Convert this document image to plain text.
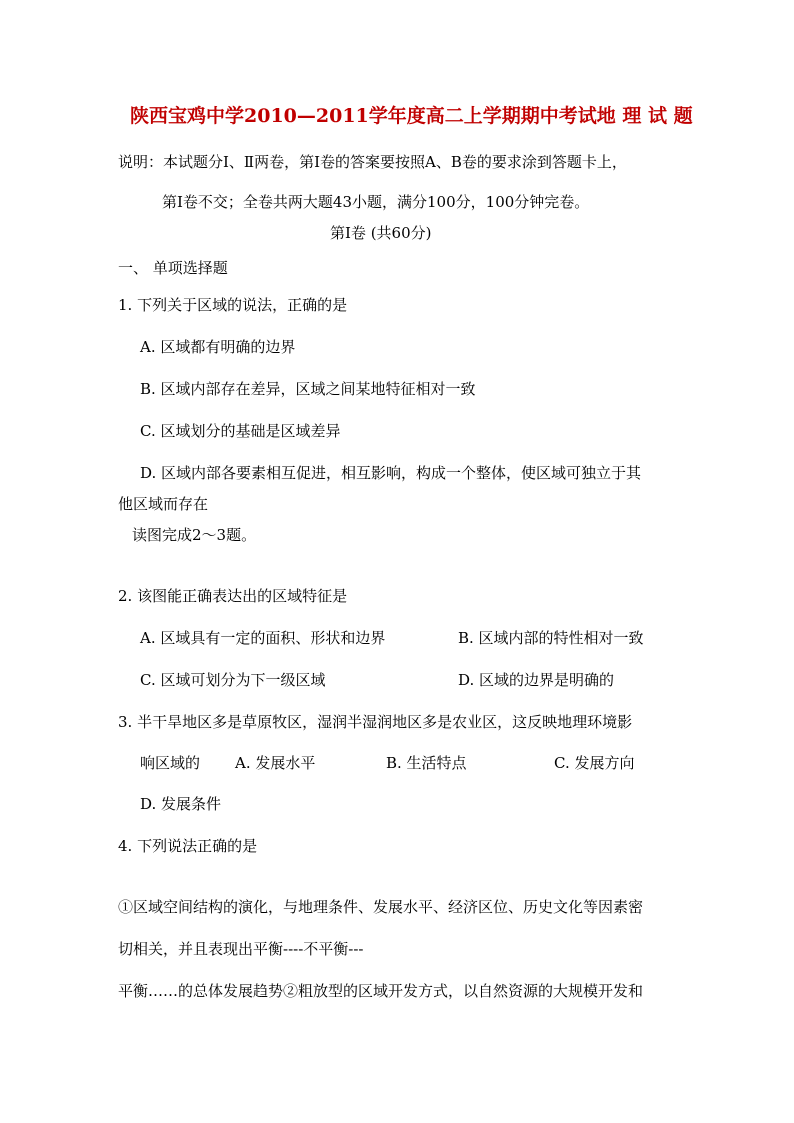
陕西宝鸡中学2010—2011学年度高二上学期期中考试地 理 试 题
说明：本试题分Ⅰ、Ⅱ两卷，第Ⅰ卷的答案要按照A、B卷的要求涂到答题卡上，
第Ⅰ卷不交；全卷共两大题43小题，满分100分，100分钟完卷。
第Ⅰ卷 (共60分)
一、 单项选择题
1. 下列关于区域的说法，正确的是
A. 区域都有明确的边界
B. 区域内部存在差异，区域之间某地特征相对一致
C. 区域划分的基础是区域差异
D. 区域内部各要素相互促进，相互影响，构成一个整体，使区域可独立于其
他区域而存在
读图完成2～3题。
2. 该图能正确表达出的区域特征是
A. 区域具有一定的面积、形状和边界	B. 区域内部的特性相对一致
C. 区域可划分为下一级区域	D. 区域的边界是明确的
3. 半干旱地区多是草原牧区，湿润半湿润地区多是农业区，这反映地理环境影
响区域的 A. 发展水平	B. 生活特点	C. 发展方向
D. 发展条件
4. 下列说法正确的是
①区域空间结构的演化，与地理条件、发展水平、经济区位、历史文化等因素密
切相关，并且表现出平衡----不平衡---
平衡……的总体发展趋势②粗放型的区域开发方式，以自然资源的大规模开发和
